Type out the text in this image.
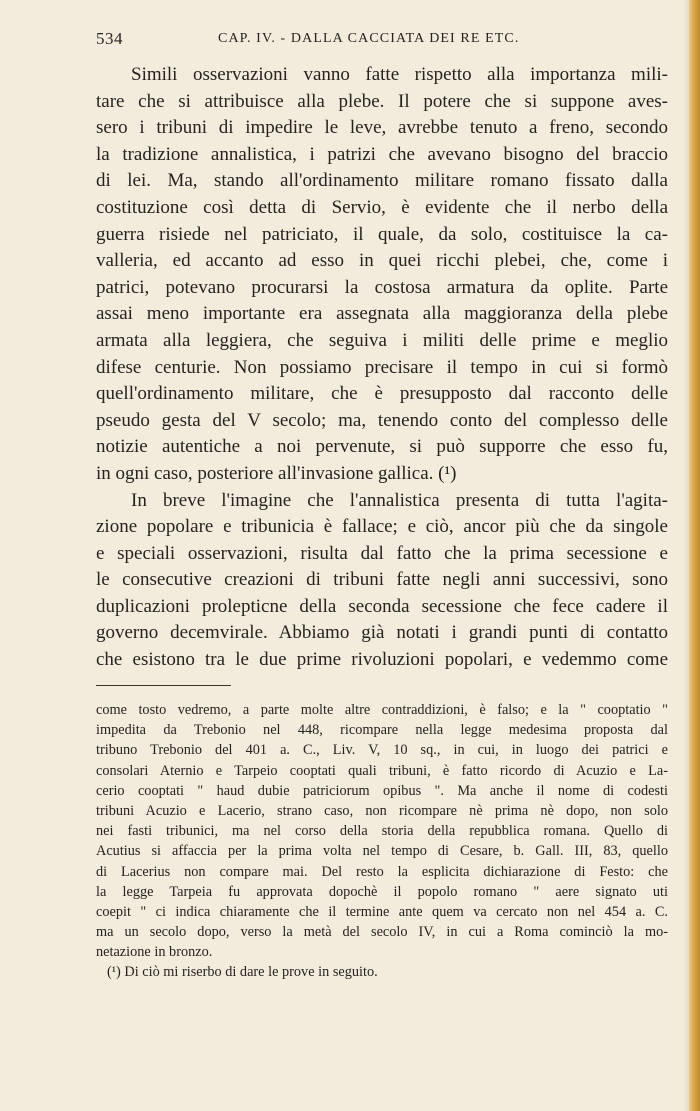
534	CAP. IV. - DALLA CACCIATA DEI RE ETC.
Simili osservazioni vanno fatte rispetto alla importanza mili-
tare che si attribuisce alla plebe. Il potere che si suppone aves-
sero i tribuni di impedire le leve, avrebbe tenuto a freno, secondo
la tradizione annalistica, i patrizi che avevano bisogno del braccio
di lei. Ma, stando all'ordinamento militare romano fissato dalla
costituzione così detta di Servio, è evidente che il nerbo della
guerra risiede nel patriciato, il quale, da solo, costituisce la ca-
valleria, ed accanto ad esso in quei ricchi plebei, che, come i
patrici, potevano procurarsi la costosa armatura da oplite. Parte
assai meno importante era assegnata alla maggioranza della plebe
armata alla leggiera, che seguiva i militi delle prime e meglio
difese centurie. Non possiamo precisare il tempo in cui si formò
quell'ordinamento militare, che è presupposto dal racconto delle
pseudo gesta del V secolo; ma, tenendo conto del complesso delle
notizie autentiche a noi pervenute, si può supporre che esso fu,
in ogni caso, posteriore all'invasione gallica. (¹)
In breve l'imagine che l'annalistica presenta di tutta l'agita-
zione popolare e tribunicia è fallace; e ciò, ancor più che da singole
e speciali osservazioni, risulta dal fatto che la prima secessione e
le consecutive creazioni di tribuni fatte negli anni successivi, sono
duplicazioni prolepticne della seconda secessione che fece cadere il
governo decemvirale. Abbiamo già notati i grandi punti di contatto
che esistono tra le due prime rivoluzioni popolari, e vedemmo come
come tosto vedremo, a parte molte altre contraddizioni, è falso; e la " cooptatio "
impedita da Trebonio nel 448, ricompare nella legge medesima proposta dal
tribuno Trebonio del 401 a. C., Liv. V, 10 sq., in cui, in luogo dei patrici e
consolari Aternio e Tarpeio cooptati quali tribuni, è fatto ricordo di Acuzio e La-
cerio cooptati " haud dubie patriciorum opibus ". Ma anche il nome di codesti
tribuni Acuzio e Lacerio, strano caso, non ricompare nè prima nè dopo, non solo
nei fasti tribunici, ma nel corso della storia della repubblica romana. Quello di
Acutius si affaccia per la prima volta nel tempo di Cesare, b. Gall. III, 83, quello
di Lacerius non compare mai. Del resto la esplicita dichiarazione di Festo: che
la legge Tarpeia fu approvata dopochè il popolo romano " aere signato uti
coepit " ci indica chiaramente che il termine ante quem va cercato non nel 454 a. C.
ma un secolo dopo, verso la metà del secolo IV, in cui a Roma cominciò la mo-
netazione in bronzo.
(¹) Di ciò mi riserbo di dare le prove in seguito.
